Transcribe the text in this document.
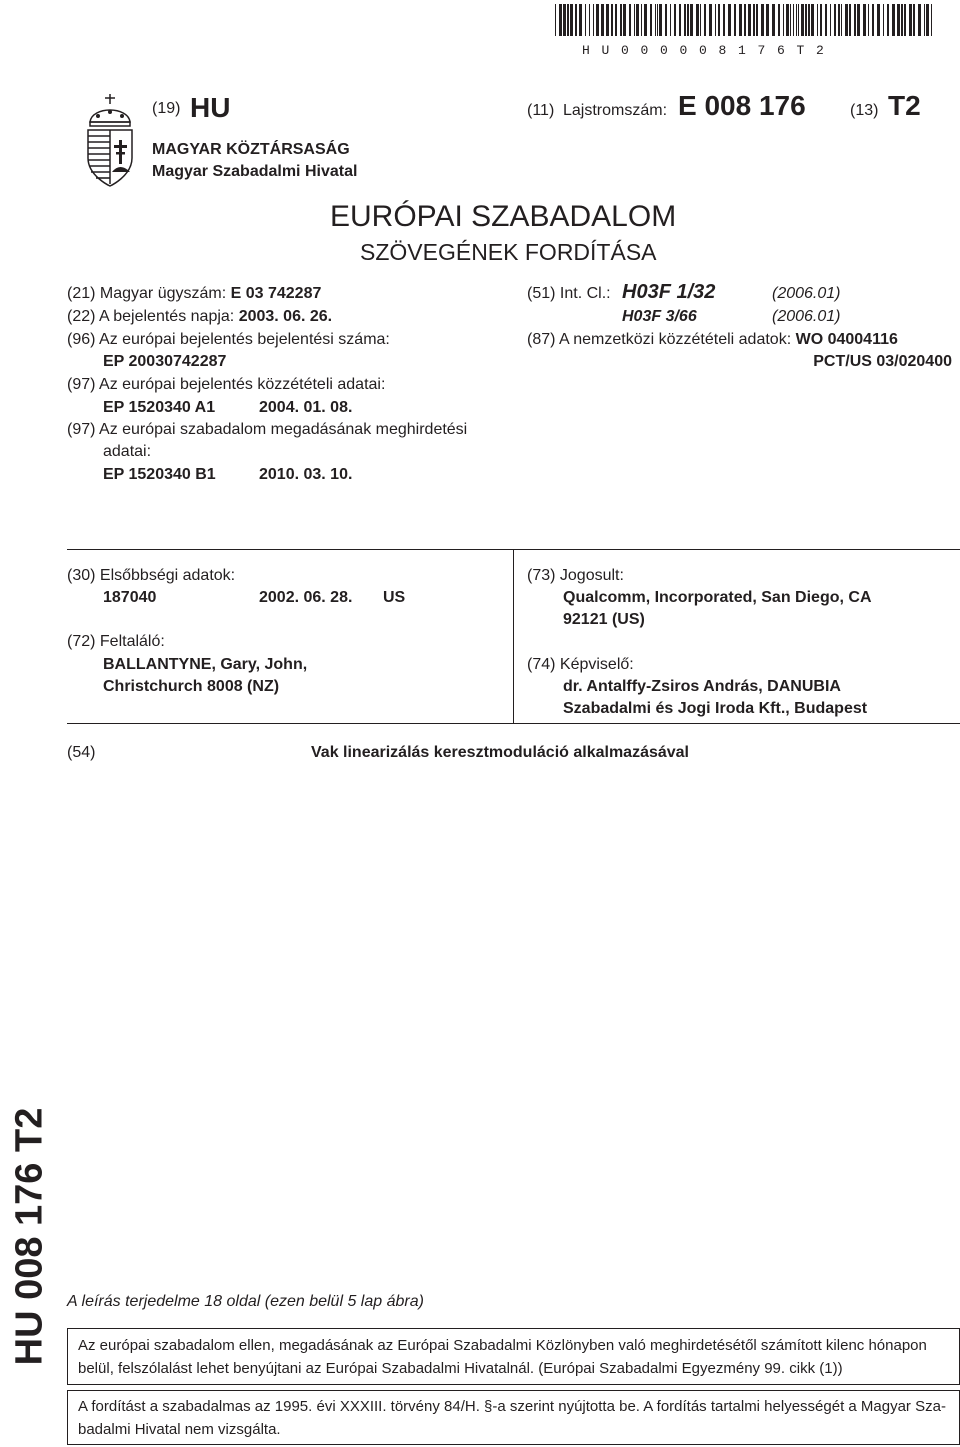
HU000008176T2
(19) HU	(11) Lajstromszám: E 008 176	(13) T2
MAGYAR KÖZTÁRSASÁG
Magyar Szabadalmi Hivatal
EURÓPAI SZABADALOM
SZÖVEGÉNEK FORDÍTÁSA
(21) Magyar ügyszám: E 03 742287
(22) A bejelentés napja: 2003. 06. 26.
(96) Az európai bejelentés bejelentési száma:
EP 20030742287
(97) Az európai bejelentés közzétételi adatai:
EP 1520340 A1	2004. 01. 08.
(97) Az európai szabadalom megadásának meghirdetési
adatai:
EP 1520340 B1	2010. 03. 10.
(51) Int. Cl.: H03F 1/32	(2006.01)
H03F 3/66	(2006.01)
(87) A nemzetközi közzétételi adatok: WO 04004116
PCT/US 03/020400
(30) Elsőbbségi adatok:
187040	2002. 06. 28. US
(72) Feltaláló:
BALLANTYNE, Gary, John,
Christchurch 8008 (NZ)
(73) Jogosult:
Qualcomm, Incorporated, San Diego, CA
92121 (US)
(74) Képviselő:
dr. Antalffy-Zsiros András, DANUBIA
Szabadalmi és Jogi Iroda Kft., Budapest
(54)	Vak linearizálás keresztmoduláció alkalmazásával
HU 008 176 T2 A leírás terjedelme 18 oldal (ezen belül 5 lap ábra)
Az európai szabadalom ellen, megadásának az Európai Szabadalmi Közlönyben való meghirdetésétől számított kilenc hónapon
belül, felszólalást lehet benyújtani az Európai Szabadalmi Hivatalnál. (Európai Szabadalmi Egyezmény 99. cikk (1))
A fordítást a szabadalmas az 1995. évi XXXIII. törvény 84/H. §-a szerint nyújtotta be. A fordítás tartalmi helyességét a Magyar Sza-
badalmi Hivatal nem vizsgálta.
